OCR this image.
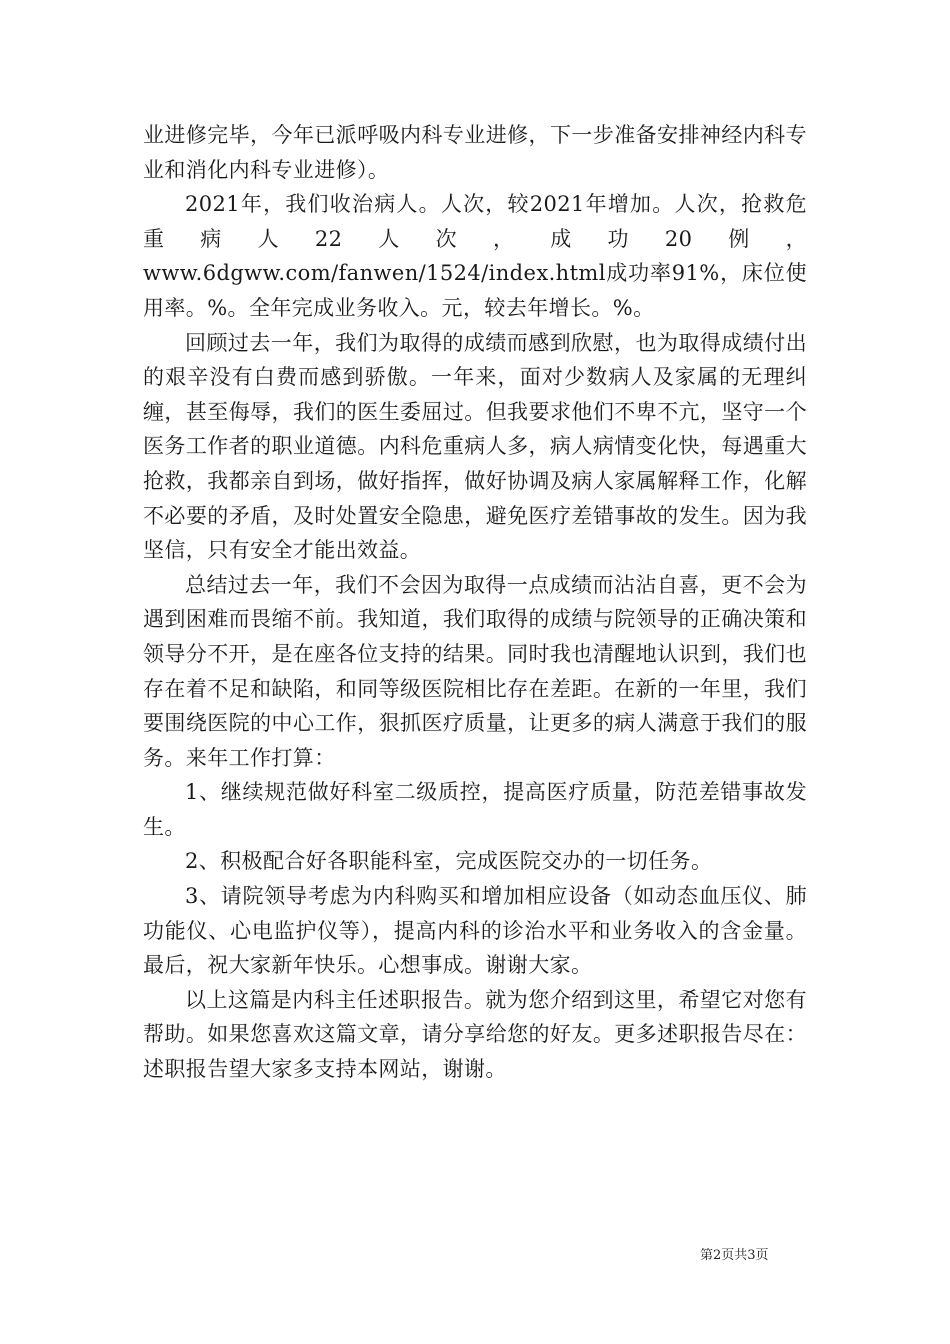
业进修完毕，今年已派呼吸内科专业进修，下一步准备安排神经内科专业和消化内科专业进修）。

2021年，我们收治病人。人次，较2021年增加。人次，抢救危重病人22人次，成功20例，www.6dgww.com/fanwen/1524/index.html成功率91%，床位使用率。%。全年完成业务收入。元，较去年增长。%。

回顾过去一年，我们为取得的成绩而感到欣慰，也为取得成绩付出的艰辛没有白费而感到骄傲。一年来，面对少数病人及家属的无理纠缠，甚至侮辱，我们的医生委屈过。但我要求他们不卑不亢，坚守一个医务工作者的职业道德。内科危重病人多，病人病情变化快，每遇重大抢救，我都亲自到场，做好指挥，做好协调及病人家属解释工作，化解不必要的矛盾，及时处置安全隐患，避免医疗差错事故的发生。因为我坚信，只有安全才能出效益。

总结过去一年，我们不会因为取得一点成绩而沾沾自喜，更不会为遇到困难而畏缩不前。我知道，我们取得的成绩与院领导的正确决策和领导分不开，是在座各位支持的结果。同时我也清醒地认识到，我们也存在着不足和缺陷，和同等级医院相比存在差距。在新的一年里，我们要围绕医院的中心工作，狠抓医疗质量，让更多的病人满意于我们的服务。来年工作打算：

1、继续规范做好科室二级质控，提高医疗质量，防范差错事故发生。

2、积极配合好各职能科室，完成医院交办的一切任务。

3、请院领导考虑为内科购买和增加相应设备（如动态血压仪、肺功能仪、心电监护仪等），提高内科的诊治水平和业务收入的含金量。最后，祝大家新年快乐。心想事成。谢谢大家。

以上这篇是内科主任述职报告。就为您介绍到这里，希望它对您有帮助。如果您喜欢这篇文章，请分享给您的好友。更多述职报告尽在：述职报告望大家多支持本网站，谢谢。

第2页共3页
